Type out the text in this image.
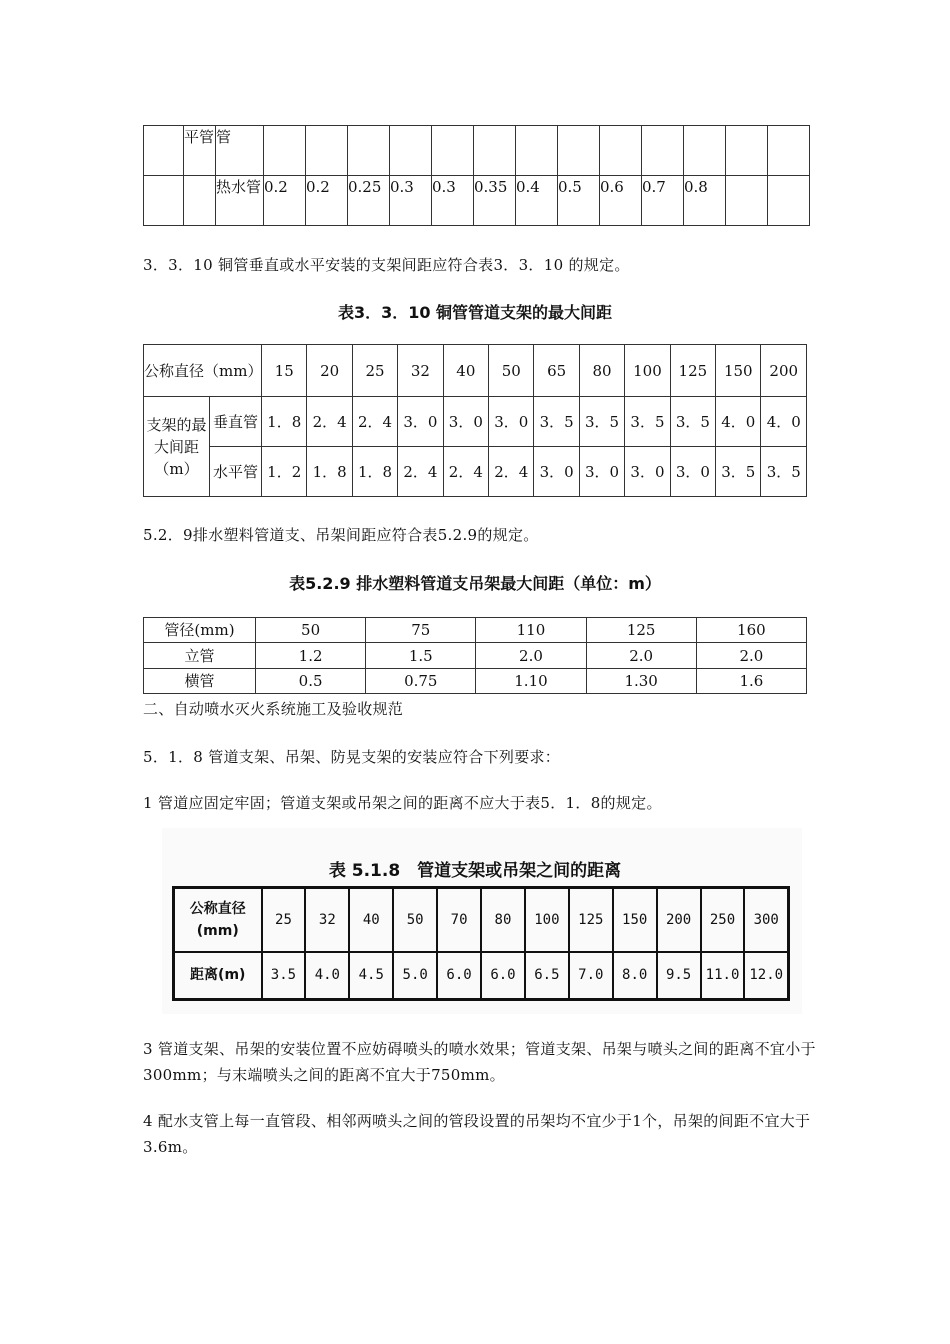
	平管	管													
		热水管	0.2	0.2	0.25	0.3	0.3	0.35	0.4	0.5	0.6	0.7	0.8		
3．3．10 铜管垂直或水平安装的支架间距应符合表3．3．10 的规定。
表3．3．10 铜管管道支架的最大间距
公称直径（mm）		15	20	25	32	40	50	65	80	100	125	150	200
支架的最大间距（m）	垂直管	1．8	2．4	2．4	3．0	3．0	3．0	3．5	3．5	3．5	3．5	4．0	4．0
	水平管	1．2	1．8	1．8	2．4	2．4	2．4	3．0	3．0	3．0	3．0	3．5	3．5
5.2．9排水塑料管道支、吊架间距应符合表5.2.9的规定。
表5.2.9 排水塑料管道支吊架最大间距（单位：m）
管径(mm)	50	75	110	125	160
立管	1.2	1.5	2.0	2.0	2.0
横管	0.5	0.75	1.10	1.30	1.6
二、自动喷水灭火系统施工及验收规范
5．1．8 管道支架、吊架、防晃支架的安装应符合下列要求：
1 管道应固定牢固；管道支架或吊架之间的距离不应大于表5．1．8的规定。
表 5.1.8　管道支架或吊架之间的距离
公称直径(mm)	25	32	40	50	70	80	100	125	150	200	250	300
距离(m)	3.5	4.0	4.5	5.0	6.0	6.0	6.5	7.0	8.0	9.5	11.0	12.0
3 管道支架、吊架的安装位置不应妨碍喷头的喷水效果；管道支架、吊架与喷头之间的距离不宜小于300mm；与末端喷头之间的距离不宜大于750mm。
4 配水支管上每一直管段、相邻两喷头之间的管段设置的吊架均不宜少于1个，吊架的间距不宜大于3.6m。
